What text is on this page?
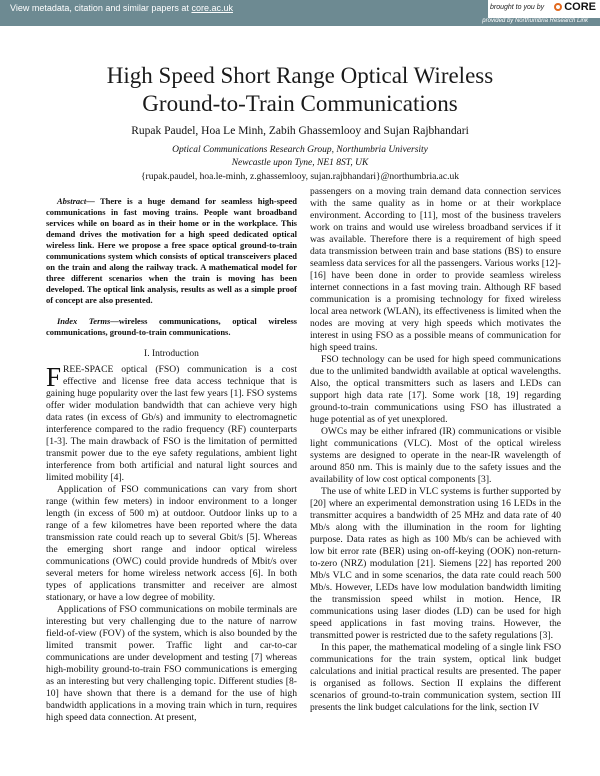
View metadata, citation and similar papers at core.ac.uk	brought to you by	CORE
provided by Northumbria Research Link
High Speed Short Range Optical Wireless
Ground-to-Train Communications
Rupak Paudel, Hoa Le Minh, Zabih Ghassemlooy and Sujan Rajbhandari
Optical Communications Research Group, Northumbria University
Newcastle upon Tyne, NE1 8ST, UK
{rupak.paudel, hoa.le-minh, z.ghassemlooy, sujan.rajbhandari}@northumbria.ac.uk

Abstract— There is a huge demand for seamless high-speed communications in fast moving trains. People want broadband services while on board as in their home or in the workplace. This demand drives the motivation for a high speed dedicated optical wireless link. Here we propose a free space optical ground-to-train communications system which consists of optical transceivers placed on the train and along the railway track. A mathematical model for three different scenarios when the train is moving has been developed. The optical link analysis, results as well as a simple proof of concept are also presented.

Index Terms—wireless communications, optical wireless communications, ground-to-train communications.

I. Introduction

FREE-SPACE optical (FSO) communication is a cost effective and license free data access technique that is gaining huge popularity over the last few years [1]. FSO systems offer wider modulation bandwidth that can achieve very high data rates (in excess of Gb/s) and immunity to electromagnetic interference compared to the radio frequency (RF) counterparts [1-3]. The main drawback of FSO is the limitation of permitted transmit power due to the eye safety regulations, ambient light interference from both artificial and natural light sources and limited mobility [4].

Application of FSO communications can vary from short range (within few meters) in indoor environment to a longer length (in excess of 500 m) at outdoor. Outdoor links up to a range of a few kilometres have been reported where the data transmission rate could reach up to several Gbit/s [5]. Whereas the emerging short range and indoor optical wireless communications (OWC) could provide hundreds of Mbit/s over several meters for home wireless network access [6]. In both types of applications transmitter and receiver are almost stationary, or have a low degree of mobility.

Applications of FSO communications on mobile terminals are interesting but very challenging due to the nature of narrow field-of-view (FOV) of the system, which is also bounded by the limited transmit power. Traffic light and car-to-car communications are under development and testing [7] whereas high-mobility ground-to-train FSO communications is emerging as an interesting but very challenging topic. Different studies [8-10] have shown that there is a demand for the use of high bandwidth applications in a moving train which in turn, requires high speed data connection. At present,

passengers on a moving train demand data connection services with the same quality as in home or at their workplace environment. According to [11], most of the business travelers work on trains and would use wireless broadband services if it was available. Therefore there is a requirement of high speed data transmission between train and base stations (BS) to ensure seamless data services for all the passengers. Various works [12]-[16] have been done in order to provide seamless wireless internet connections in a fast moving train. Although RF based communication is a promising technology for fixed wireless local area network (WLAN), its effectiveness is limited when the nodes are moving at very high speeds which motivates the interest in using FSO as a possible means of communication for high speed trains.

FSO technology can be used for high speed communications due to the unlimited bandwidth available at optical wavelengths. Also, the optical transmitters such as lasers and LEDs can support high data rate [17]. Some work [18, 19] regarding ground-to-train communications using FSO has illustrated a huge potential as of yet unexplored.

OWCs may be either infrared (IR) communications or visible light communications (VLC). Most of the optical wireless systems are designed to operate in the near-IR wavelength of around 850 nm. This is mainly due to the safety issues and the availability of low cost optical components [3].

The use of white LED in VLC systems is further supported by [20] where an experimental demonstration using 16 LEDs in the transmitter acquires a bandwidth of 25 MHz and data rate of 40 Mb/s along with the illumination in the room for lighting purpose. Data rates as high as 100 Mb/s can be achieved with low bit error rate (BER) using on-off-keying (OOK) non-return-to-zero (NRZ) modulation [21]. Siemens [22] has reported 200 Mb/s VLC and in some scenarios, the data rate could reach 500 Mb/s. However, LEDs have low modulation bandwidth limiting the transmission speed whilst in motion. Hence, IR communications using laser diodes (LD) can be used for high speed applications in fast moving trains. However, the transmitted power is restricted due to the safety regulations [3].

In this paper, the mathematical modeling of a single link FSO communications for the train system, optical link budget calculations and initial practical results are presented. The paper is organised as follows. Section II explains the different scenarios of ground-to-train communication system, section III presents the link budget calculations for the link, section IV
